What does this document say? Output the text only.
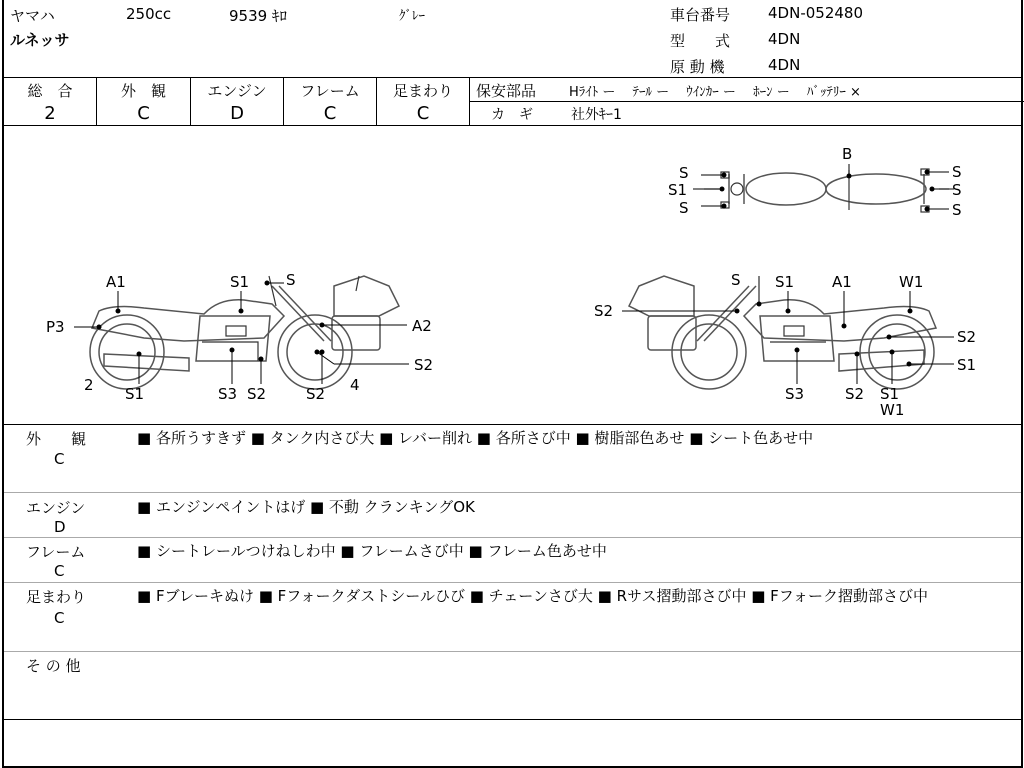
ヤマハ	250cc	9539 ｷﾛ	ｸﾞﾚｰ
ルネッサ
車台番号	4DN-052480
型　　式	4DN
原 動 機	4DN
総　合
2
外　観
C
エンジン
D
フレーム
C
足まわり
C
保安部品	Hﾗｲﾄ ー　 ﾃｰﾙ ー　 ｳｲﾝｶｰ ー　 ﾎｰﾝ ー　 ﾊﾞｯﾃﾘｰ ×
カ　ギ	社外ｷｰ1
S
S1
S
B
S
S
S
A1	S1 S
P3	A2
S2
2 S1	S3 S2	S2 4
S S1	A1	W1
S2
S2
S1
S3	S2 S1
W1
外　　観
C
■ 各所うすきず ■ タンク内さび大 ■ レバー削れ ■ 各所さび中 ■ 樹脂部色あせ ■ シート色あせ中
エンジン
D
■ エンジンペイントはげ ■ 不動 クランキングOK
フレーム
C
■ シートレールつけねしわ中 ■ フレームさび中 ■ フレーム色あせ中
足まわり
C
■ Fブレーキぬけ ■ Fフォークダストシールひび ■ チェーンさび大 ■ Rサス摺動部さび中 ■ Fフォーク摺動部さび中
そ の 他
